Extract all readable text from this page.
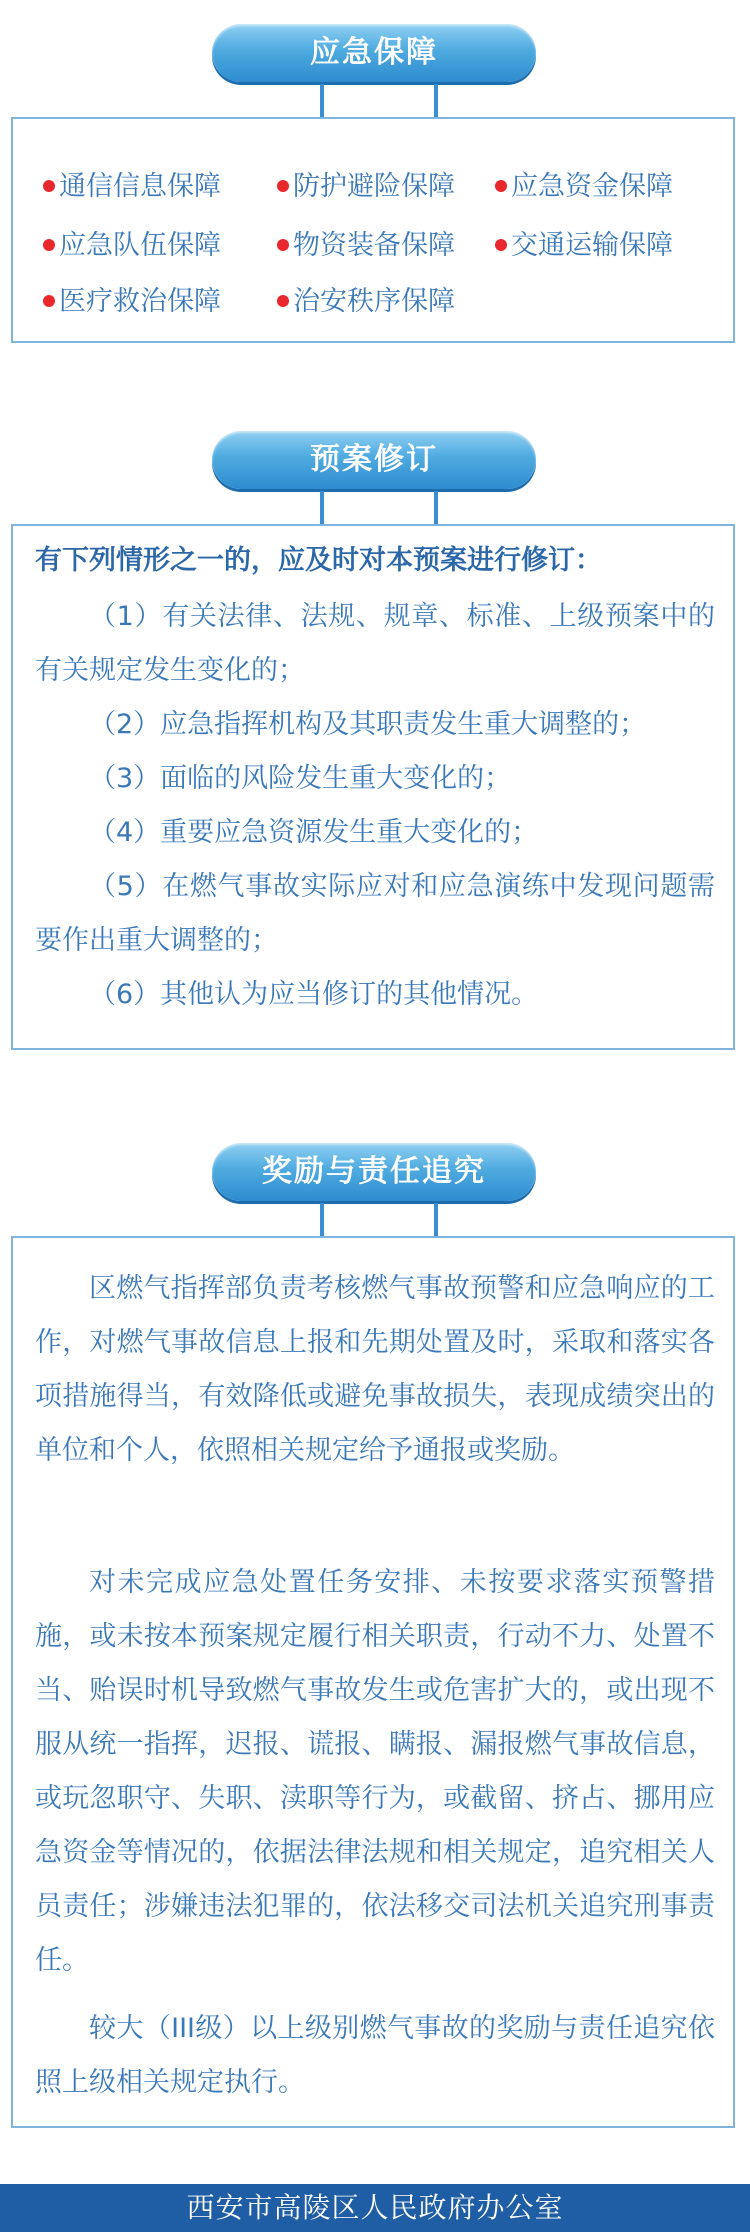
应急保障
通信信息保障	防护避险保障	应急资金保障
应急队伍保障	物资装备保障	交通运输保障
医疗救治保障	治安秩序保障
预案修订
有下列情形之一的，应及时对本预案进行修订：

（1）有关法律、法规、规章、标准、上级预案中的有关规定发生变化的；

（2）应急指挥机构及其职责发生重大调整的；

（3）面临的风险发生重大变化的；

（4）重要应急资源发生重大变化的；

（5）在燃气事故实际应对和应急演练中发现问题需要作出重大调整的；

（6）其他认为应当修订的其他情况。

奖励与责任追究

区燃气指挥部负责考核燃气事故预警和应急响应的工作，对燃气事故信息上报和先期处置及时，采取和落实各项措施得当，有效降低或避免事故损失，表现成绩突出的单位和个人，依照相关规定给予通报或奖励。

对未完成应急处置任务安排、未按要求落实预警措施，或未按本预案规定履行相关职责，行动不力、处置不当、贻误时机导致燃气事故发生或危害扩大的，或出现不服从统一指挥，迟报、谎报、瞒报、漏报燃气事故信息，或玩忽职守、失职、渎职等行为，或截留、挤占、挪用应急资金等情况的，依据法律法规和相关规定，追究相关人员责任；涉嫌违法犯罪的，依法移交司法机关追究刑事责任。

较大（III级）以上级别燃气事故的奖励与责任追究依照上级相关规定执行。

西安市高陵区人民政府办公室
